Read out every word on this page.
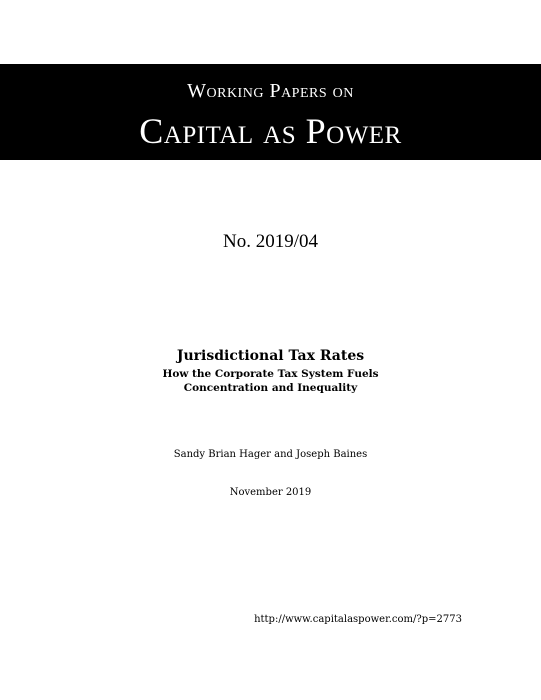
Working Papers on
Capital as Power
No. 2019/04
Jurisdictional Tax Rates
How the Corporate Tax System Fuels Concentration and Inequality
Sandy Brian Hager and Joseph Baines
November 2019
http://www.capitalaspower.com/?p=2773
